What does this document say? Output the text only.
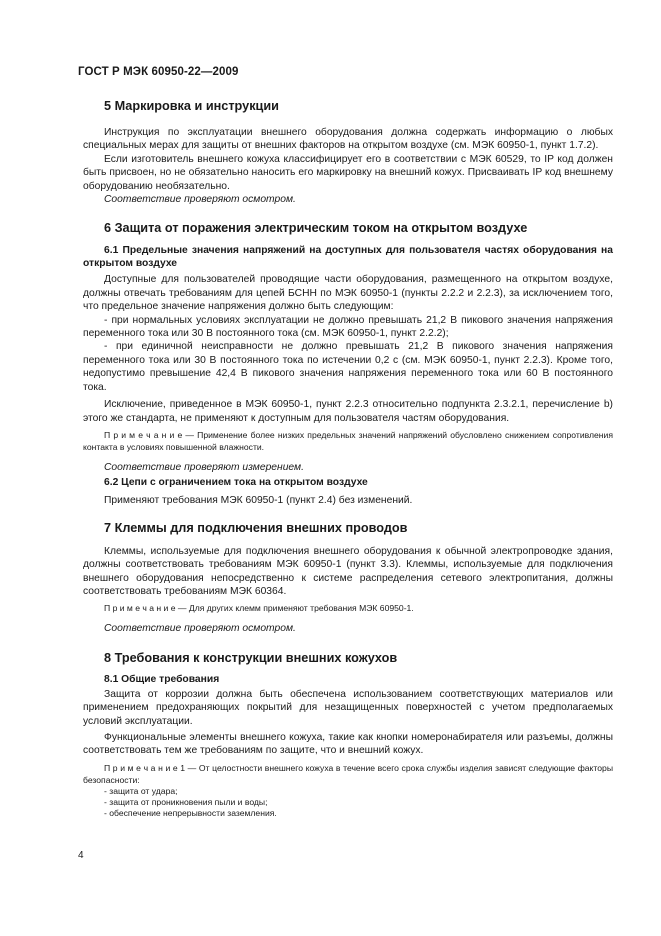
ГОСТ Р МЭК 60950-22—2009
5 Маркировка и инструкции

Инструкция по эксплуатации внешнего оборудования должна содержать информацию о любых специальных мерах для защиты от внешних факторов на открытом воздухе (см. МЭК 60950-1, пункт 1.7.2).

Если изготовитель внешнего кожуха классифицирует его в соответствии с МЭК 60529, то IP код должен быть присвоен, но не обязательно наносить его маркировку на внешний кожух. Присваивать IP код внешнему оборудованию необязательно.

Соответствие проверяют осмотром.

6 Защита от поражения электрическим током на открытом воздухе

6.1 Предельные значения напряжений на доступных для пользователя частях оборудования на открытом воздухе

Доступные для пользователей проводящие части оборудования, размещенного на открытом воздухе, должны отвечать требованиям для цепей БСНН по МЭК 60950-1 (пункты 2.2.2 и 2.2.3), за исключением того, что предельное значение напряжения должно быть следующим:

- при нормальных условиях эксплуатации не должно превышать 21,2 В пикового значения напряжения переменного тока или 30 В постоянного тока (см. МЭК 60950-1, пункт 2.2.2);

- при единичной неисправности не должно превышать 21,2 В пикового значения напряжения переменного тока или 30 В постоянного тока по истечении 0,2 с (см. МЭК 60950-1, пункт 2.2.3). Кроме того, недопустимо превышение 42,4 В пикового значения напряжения переменного тока или 60 В постоянного тока.

Исключение, приведенное в МЭК 60950-1, пункт 2.2.3 относительно подпункта 2.3.2.1, перечисление b) этого же стандарта, не применяют к доступным для пользователя частям оборудования.

П р и м е ч а н и е — Применение более низких предельных значений напряжений обусловлено снижением сопротивления контакта в условиях повышенной влажности.

Соответствие проверяют измерением.

6.2 Цепи с ограничением тока на открытом воздухе

Применяют требования МЭК 60950-1 (пункт 2.4) без изменений.

7 Клеммы для подключения внешних проводов

Клеммы, используемые для подключения внешнего оборудования к обычной электропроводке здания, должны соответствовать требованиям МЭК 60950-1 (пункт 3.3). Клеммы, используемые для подключения внешнего оборудования непосредственно к системе распределения сетевого электропитания, должны соответствовать требованиям МЭК 60364.

П р и м е ч а н и е — Для других клемм применяют требования МЭК 60950-1.

Соответствие проверяют осмотром.

8 Требования к конструкции внешних кожухов

8.1 Общие требования

Защита от коррозии должна быть обеспечена использованием соответствующих материалов или применением предохраняющих покрытий для незащищенных поверхностей с учетом предполагаемых условий эксплуатации.

Функциональные элементы внешнего кожуха, такие как кнопки номеронабирателя или разъемы, должны соответствовать тем же требованиям по защите, что и внешний кожух.

П р и м е ч а н и е 1 — От целостности внешнего кожуха в течение всего срока службы изделия зависят следующие факторы безопасности:

- защита от удара;
- защита от проникновения пыли и воды;
- обеспечение непрерывности заземления.
4
